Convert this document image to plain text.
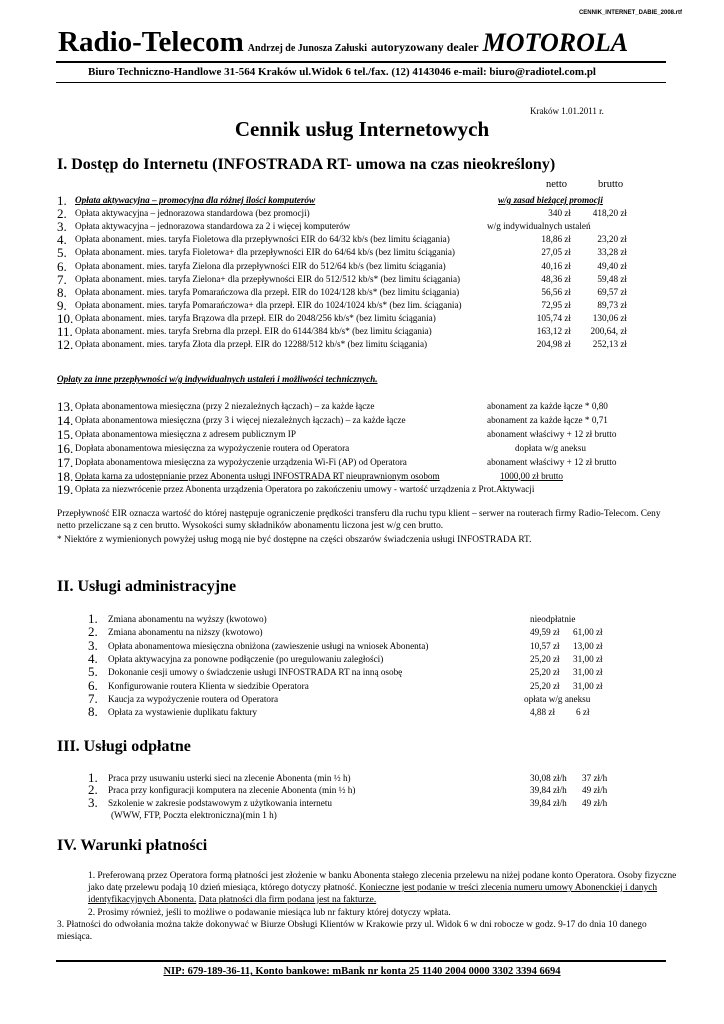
CENNIK_INTERNET_DABIE_2008.rtf
Radio-Telecom Andrzej de Junosza Załuski autoryzowany dealer MOTOROLA
Biuro Techniczno-Handlowe 31-564 Kraków ul.Widok 6 tel./fax. (12) 4143046 e-mail: biuro@radiotel.com.pl
Kraków 1.01.2011 r.
Cennik usług Internetowych
I. Dostęp do Internetu (INFOSTRADA RT- umowa na czas nieokreślony)
netto	brutto
1. Opłata aktywacyjna – promocyjna dla różnej ilości komputerów	w/g zasad bieżącej promocji
2. Opłata aktywacyjna – jednorazowa standardowa (bez promocji)	340 zł 418,20 zł
3. Opłata aktywacyjna – jednorazowa standardowa za 2 i więcej komputerów	w/g indywidualnych ustaleń
4. Opłata abonament. mies. taryfa Fioletowa dla przepływności EIR do 64/32 kb/s (bez limitu ściągania)	18,86 zł	23,20 zł
5. Opłata abonament. mies. taryfa Fioletowa+ dla przepływności EIR do 64/64 kb/s (bez limitu ściągania)	27,05 zł	33,28 zł
6. Opłata abonament. mies. taryfa Zielona dla przepływności EIR do 512/64 kb/s (bez limitu ściągania)	40,16 zł	49,40 zł
7. Opłata abonament. mies. taryfa Zielona+ dla przepływności EIR do 512/512 kb/s* (bez limitu ściągania)	48,36 zł	59,48 zł
8. Opłata abonament. mies. taryfa Pomarańczowa dla przepł. EIR do 1024/128 kb/s* (bez limitu ściągania)	56,56 zł	69,57 zł
9. Opłata abonament. mies. taryfa Pomarańczowa+ dla przepł. EIR do 1024/1024 kb/s* (bez lim. ściągania)	72,95 zł	89,73 zł
10. Opłata abonament. mies. taryfa Brązowa dla przepł. EIR do 2048/256 kb/s* (bez limitu ściągania)	105,74 zł 130,06 zł
11. Opłata abonament. mies. taryfa Srebrna dla przepł. EIR do 6144/384 kb/s* (bez limitu ściągania)	163,12 zł 200,64, zł
12. Opłata abonament. mies. taryfa Złota dla przepł. EIR do 12288/512 kb/s* (bez limitu ściągania)	204,98 zł 252,13 zł
Opłaty za inne przepływności w/g indywidualnych ustaleń i możliwości technicznych.
13. Opłata abonamentowa miesięczna (przy 2 niezależnych łączach) – za każde łącze	abonament za każde łącze * 0,80
14. Opłata abonamentowa miesięczna (przy 3 i więcej niezależnych łączach) – za każde łącze	abonament za każde łącze * 0,71
15. Opłata abonamentowa miesięczna z adresem publicznym IP	abonament właściwy + 12 zł brutto
16. Dopłata abonamentowa miesięczna za wypożyczenie routera od Operatora	dopłata w/g aneksu
17. Dopłata abonamentowa miesięczna za wypożyczenie urządzenia Wi-Fi (AP) od Operatora	abonament właściwy + 12 zł brutto
18. Opłata karna za udostępnianie przez Abonenta usługi INFOSTRADA RT nieuprawnionym osobom	1000,00 zł brutto
19. Opłata za niezwrócenie przez Abonenta urządzenia Operatora po zakończeniu umowy - wartość urządzenia z Prot.Aktywacji
Przepływność EIR oznacza wartość do której następuje ograniczenie prędkości transferu dla ruchu typu klient – serwer na routerach firmy Radio-Telecom. Ceny netto przeliczane są z cen brutto. Wysokości sumy składników abonamentu liczona jest w/g cen brutto.
* Niektóre z wymienionych powyżej usług mogą nie być dostępne na części obszarów świadczenia usługi INFOSTRADA RT.
II. Usługi administracyjne
1. Zmiana abonamentu na wyższy (kwotowo)	nieodpłatnie
2. Zmiana abonamentu na niższy (kwotowo)	49,59 zł 61,00 zł
3. Opłata abonamentowa miesięczna obniżona (zawieszenie usługi na wniosek Abonenta)	10,57 zł 13,00 zł
4. Opłata aktywacyjna za ponowne podłączenie (po uregulowaniu zaległości)	25,20 zł 31,00 zł
5. Dokonanie cesji umowy o świadczenie usługi INFOSTRADA RT na inną osobę	25,20 zł 31,00 zł
6. Konfigurowanie routera Klienta w siedzibie Operatora	25,20 zł 31,00 zł
7. Kaucja za wypożyczenie routera od Operatora	opłata w/g aneksu
8. Opłata za wystawienie duplikatu faktury	4,88 zł 6 zł
III. Usługi odpłatne
1. Praca przy usuwaniu usterki sieci na zlecenie Abonenta (min ½ h)	30,08 zł/h 37 zł/h
2. Praca przy konfiguracji komputera na zlecenie Abonenta (min ½ h)	39,84 zł/h 49 zł/h
3. Szkolenie w zakresie podstawowym z użytkowania internetu	39,84 zł/h 49 zł/h
(WWW, FTP, Poczta elektroniczna)(min 1 h)
IV. Warunki płatności
1. Preferowaną przez Operatora formą płatności jest złożenie w banku Abonenta stałego zlecenia przelewu na niżej podane konto Operatora. Osoby fizyczne jako datę przelewu podają 10 dzień miesiąca, którego dotyczy płatność. Konieczne jest podanie w treści zlecenia numeru umowy Abonenckiej i danych identyfikacyjnych Abonenta. Data płatności dla firm podana jest na fakturze.
2. Prosimy również, jeśli to możliwe o podawanie miesiąca lub nr faktury której dotyczy wpłata.
3. Płatności do odwołania można także dokonywać w Biurze Obsługi Klientów w Krakowie przy ul. Widok 6 w dni robocze w godz. 9-17 do dnia 10 danego miesiąca.
NIP: 679-189-36-11, Konto bankowe: mBank nr konta 25 1140 2004 0000 3302 3394 6694
